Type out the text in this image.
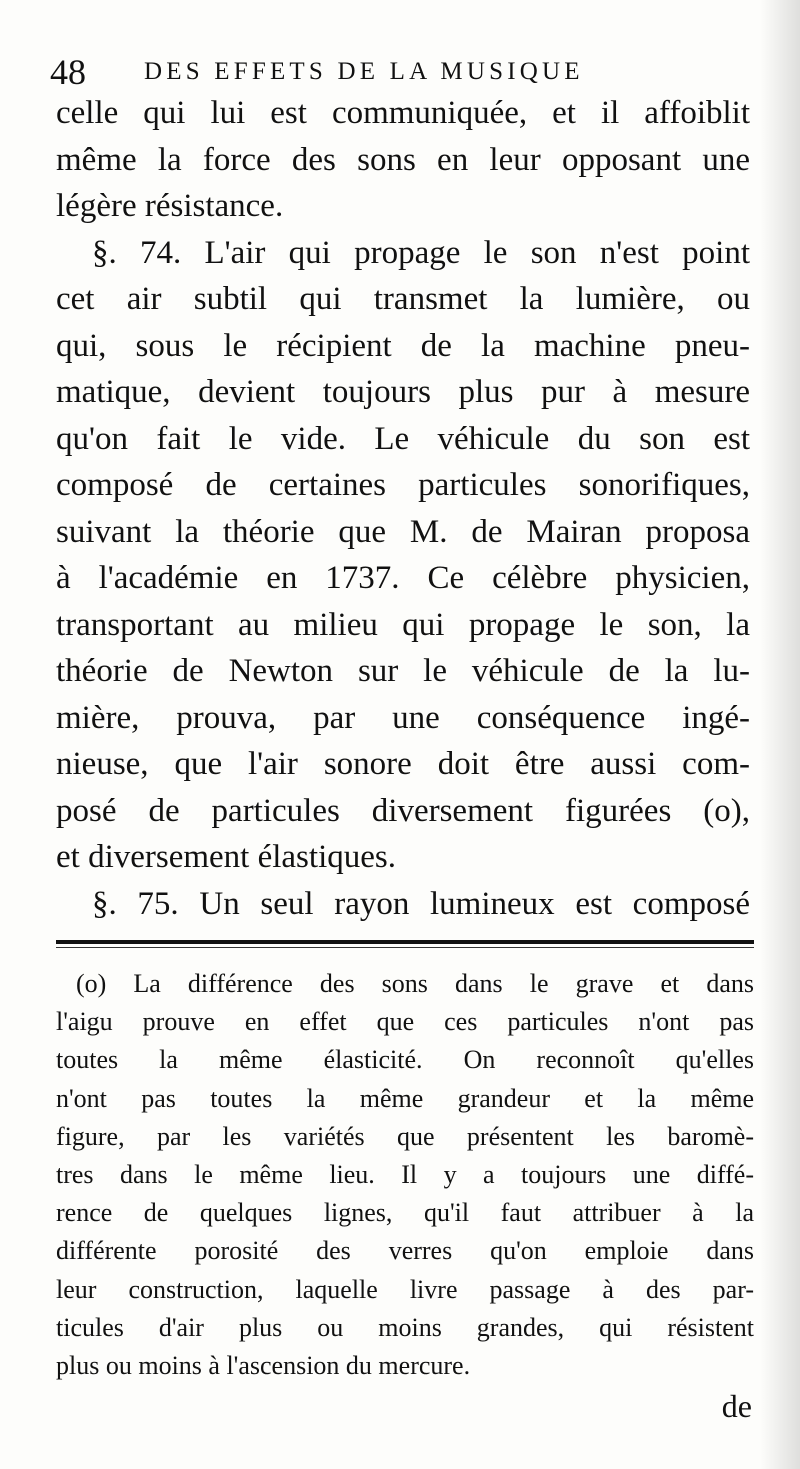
48 DES EFFETS DE LA MUSIQUE
celle qui lui est communiquée, et il affoiblit
même la force des sons en leur opposant une
légère résistance.
§. 74. L'air qui propage le son n'est point
cet air subtil qui transmet la lumière, ou
qui, sous le récipient de la machine pneu-
matique, devient toujours plus pur à mesure
qu'on fait le vide. Le véhicule du son est
composé de certaines particules sonorifiques,
suivant la théorie que M. de Mairan proposa
à l'académie en 1737. Ce célèbre physicien,
transportant au milieu qui propage le son, la
théorie de Newton sur le véhicule de la lu-
mière, prouva, par une conséquence ingé-
nieuse, que l'air sonore doit être aussi com-
posé de particules diversement figurées (o),
et diversement élastiques.
§. 75. Un seul rayon lumineux est composé
(o) La différence des sons dans le grave et dans
l'aigu prouve en effet que ces particules n'ont pas
toutes la même élasticité. On reconnoît qu'elles
n'ont pas toutes la même grandeur et la même
figure, par les variétés que présentent les baromè-
tres dans le même lieu. Il y a toujours une diffé-
rence de quelques lignes, qu'il faut attribuer à la
différente porosité des verres qu'on emploie dans
leur construction, laquelle livre passage à des par-
ticules d'air plus ou moins grandes, qui résistent
plus ou moins à l'ascension du mercure.
de
